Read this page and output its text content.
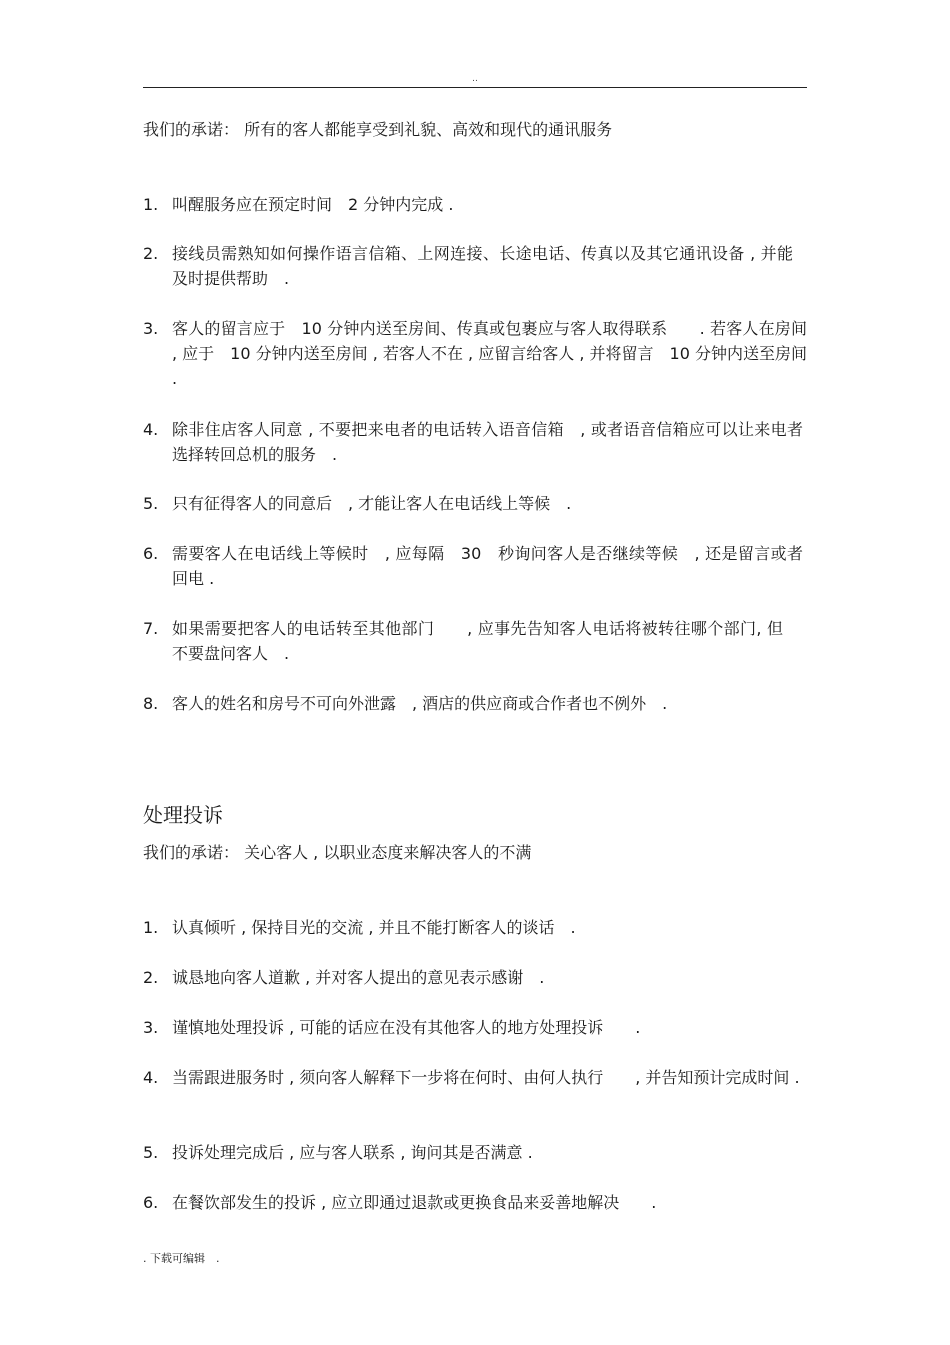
..
我们的承诺： 所有的客人都能享受到礼貌、高效和现代的通讯服务
1. 叫醒服务应在预定时间　2 分钟内完成 .
2. 接线员需熟知如何操作语言信箱、上网连接、长途电话、传真以及其它通讯设备 , 并能及时提供帮助　.
3. 客人的留言应于　10 分钟内送至房间、传真或包裹应与客人取得联系　　. 若客人在房间 , 应于　10 分钟内送至房间 , 若客人不在 , 应留言给客人 , 并将留言　10 分钟内送至房间 .
4. 除非住店客人同意 , 不要把来电者的电话转入语音信箱　, 或者语音信箱应可以让来电者选择转回总机的服务　.
5. 只有征得客人的同意后　, 才能让客人在电话线上等候　.
6. 需要客人在电话线上等候时　, 应每隔　30　秒询问客人是否继续等候　, 还是留言或者回电 .
7. 如果需要把客人的电话转至其他部门　　, 应事先告知客人电话将被转往哪个部门, 但不要盘问客人　.
8. 客人的姓名和房号不可向外泄露　, 酒店的供应商或合作者也不例外　.
处理投诉
我们的承诺： 关心客人 , 以职业态度来解决客人的不满
1. 认真倾听 , 保持目光的交流 , 并且不能打断客人的谈话　.
2. 诚恳地向客人道歉 , 并对客人提出的意见表示感谢　.
3. 谨慎地处理投诉 , 可能的话应在没有其他客人的地方处理投诉　　.
4. 当需跟进服务时 , 须向客人解释下一步将在何时、由何人执行　　, 并告知预计完成时间 .
5. 投诉处理完成后 , 应与客人联系 , 询问其是否满意 .
6. 在餐饮部发生的投诉 , 应立即通过退款或更换食品来妥善地解决　　.
. 下载可编辑　.
